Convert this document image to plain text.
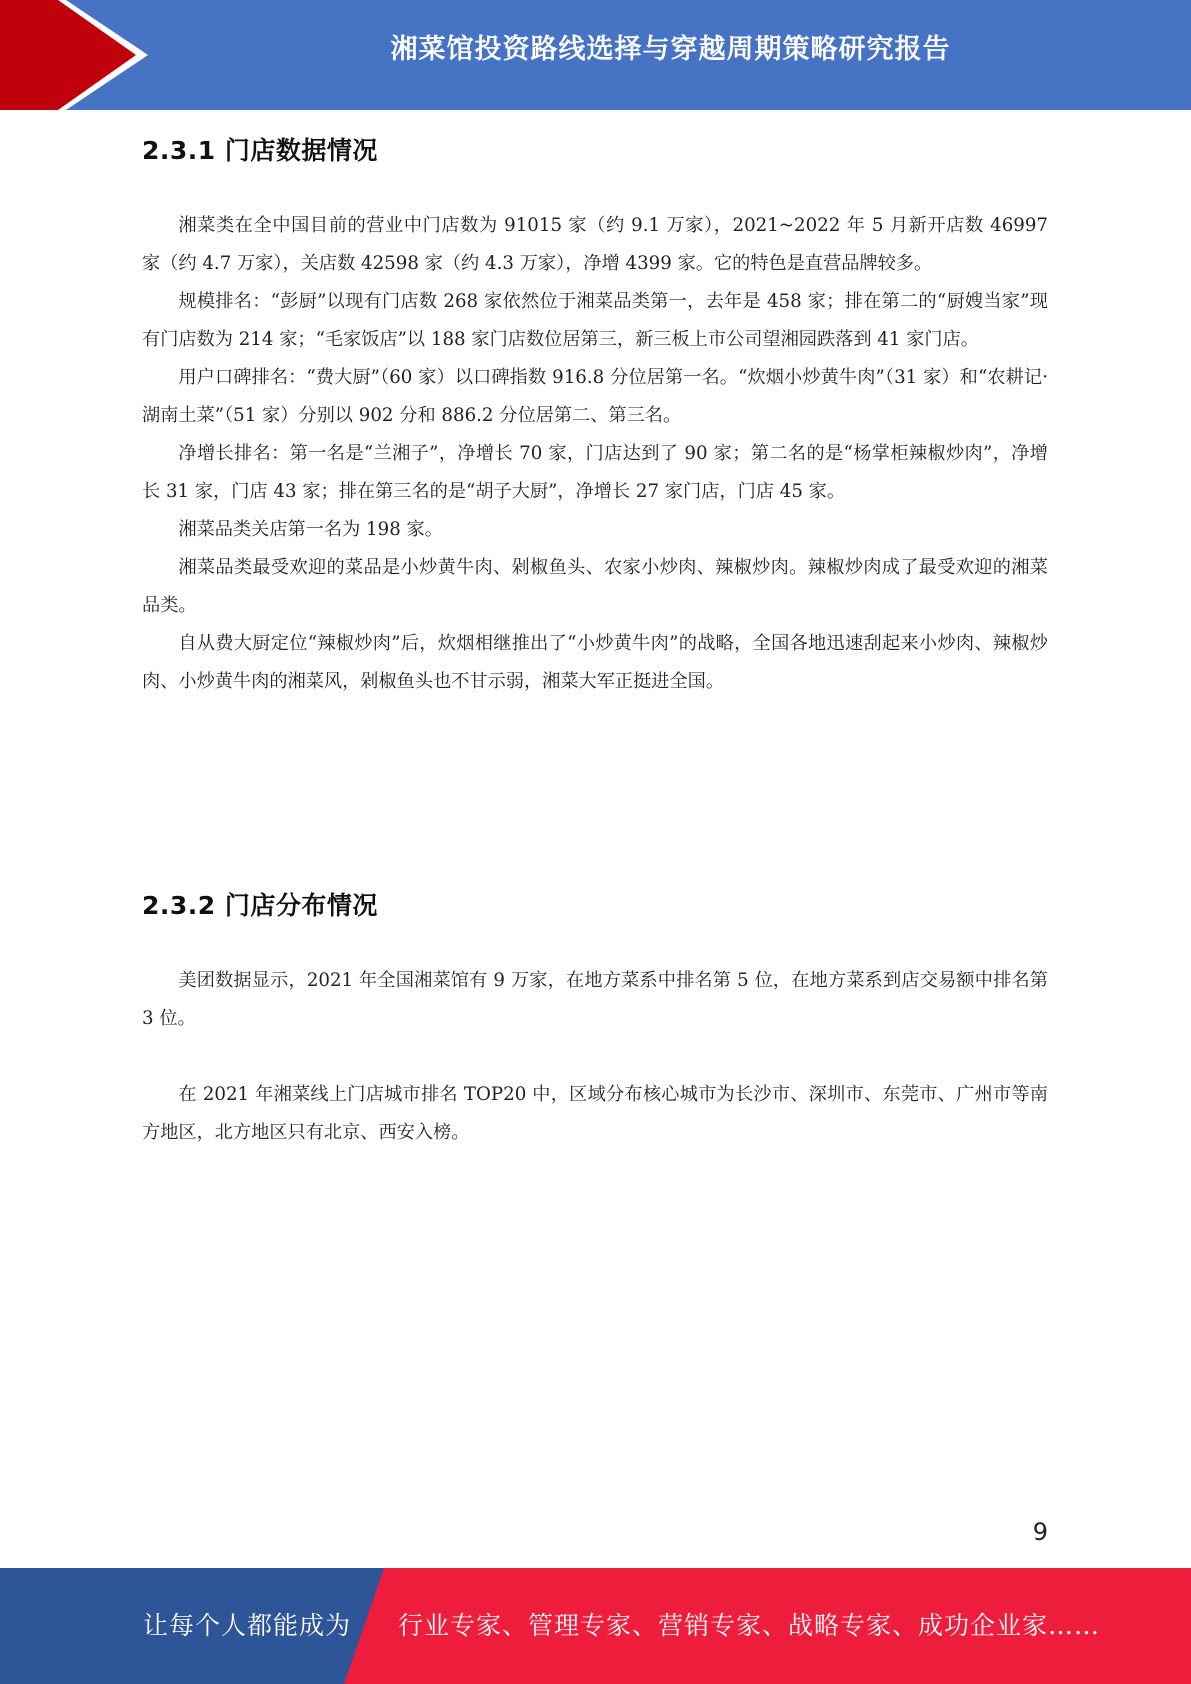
湘菜馆投资路线选择与穿越周期策略研究报告
2.3.1 门店数据情况

湘菜类在全中国目前的营业中门店数为 91015 家（约 9.1 万家），2021~2022 年 5 月新开店数 46997 家（约 4.7 万家），关店数 42598 家（约 4.3 万家），净增 4399 家。它的特色是直营品牌较多。

规模排名：“彭厨”以现有门店数 268 家依然位于湘菜品类第一，去年是 458 家；排在第二的“厨嫂当家”现有门店数为 214 家；“毛家饭店”以 188 家门店数位居第三，新三板上市公司望湘园跌落到 41 家门店。

用户口碑排名：“费大厨”（60 家）以口碑指数 916.8 分位居第一名。“炊烟小炒黄牛肉”（31 家）和“农耕记·湖南土菜”（51 家）分别以 902 分和 886.2 分位居第二、第三名。

净增长排名：第一名是“兰湘子”，净增长 70 家，门店达到了 90 家；第二名的是“杨掌柜辣椒炒肉”，净增长 31 家，门店 43 家；排在第三名的是“胡子大厨”，净增长 27 家门店，门店 45 家。

湘菜品类关店第一名为 198 家。

湘菜品类最受欢迎的菜品是小炒黄牛肉、剁椒鱼头、农家小炒肉、辣椒炒肉。辣椒炒肉成了最受欢迎的湘菜品类。

自从费大厨定位“辣椒炒肉”后，炊烟相继推出了“小炒黄牛肉”的战略，全国各地迅速刮起来小炒肉、辣椒炒肉、小炒黄牛肉的湘菜风，剁椒鱼头也不甘示弱，湘菜大军正挺进全国。

2.3.2 门店分布情况

美团数据显示，2021 年全国湘菜馆有 9 万家，在地方菜系中排名第 5 位，在地方菜系到店交易额中排名第 3 位。

在 2021 年湘菜线上门店城市排名 TOP20 中，区域分布核心城市为长沙市、深圳市、东莞市、广州市等南方地区，北方地区只有北京、西安入榜。

9
让每个人都能成为 行业专家、管理专家、营销专家、战略专家、成功企业家……
